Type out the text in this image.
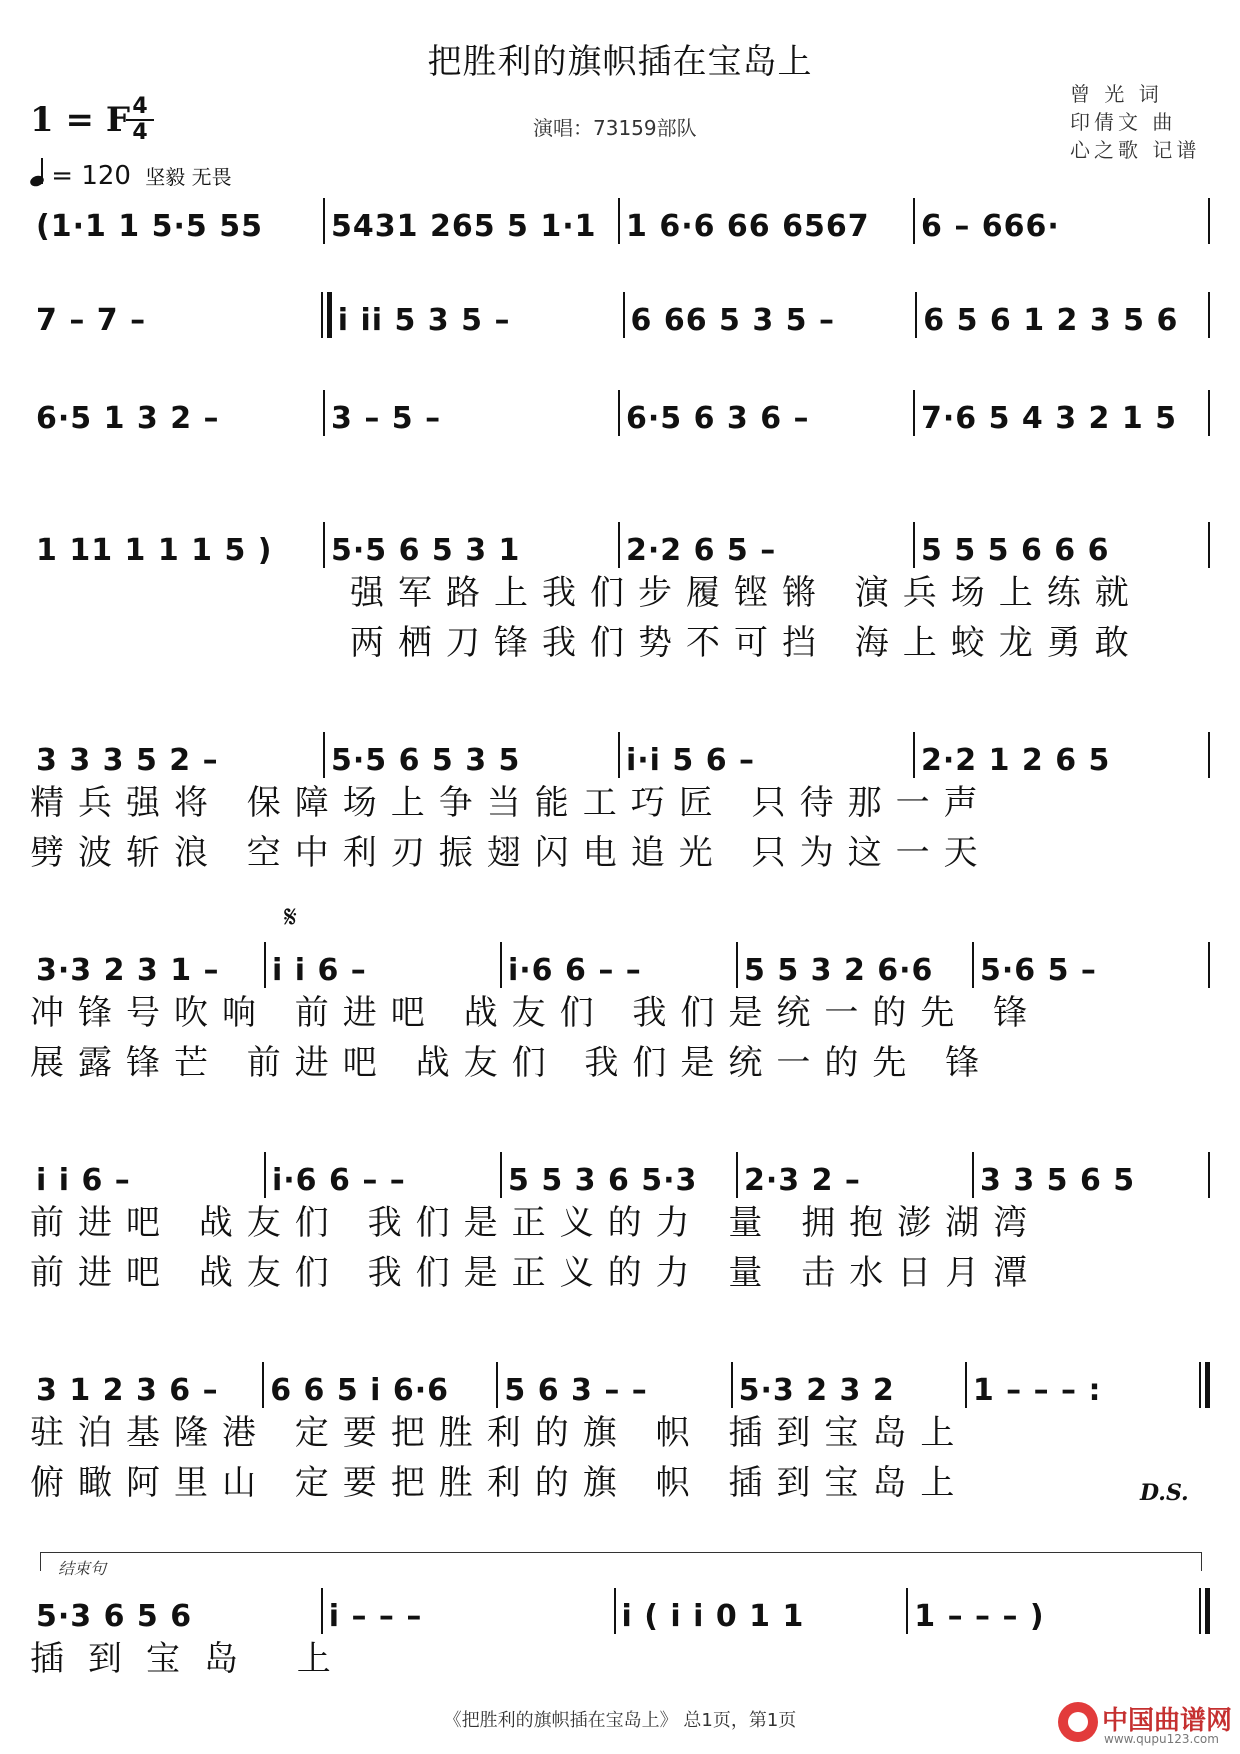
把胜利的旗帜插在宝岛上
1 = F 4
4
= 120 坚毅 无畏
演唱：73159部队
曾 光 词
印倩文 曲
心之歌 记谱
(1·1 1 5·5 55	5431 265 5 1·1 1 6·6 66 6567	6 – 666·
7 – 7 –	i ii 5 3 5 –	6 66 5 3 5 –	6 5 6 1 2 3 5 6
6·5 1 3 2 –	3 – 5 –	6·5 6 3 6 –	7·6 5 4 3 2 1 5
1 11 1 1 1 5 )	5·5 6 5 3 1	2·2 6 5 –	5 5 5 6 6 6
强军路上我们步履铿锵 演兵场上练就
两栖刀锋我们势不可挡 海上蛟龙勇敢
3 3 3 5 2 –	5·5 6 5 3 5	i·i 5 6 –	2·2 1 2 6 5
精兵强将 保障场上争当能工巧匠 只待那一声
劈波斩浪 空中利刃振翅闪电追光 只为这一天
𝄋
3·3 2 3 1 –	i i 6 –	i·6 6 – –	5 5 3 2 6·6	5·6 5 –
冲锋号吹响 前进吧 战友们 我们是统一的先 锋
展露锋芒 前进吧 战友们 我们是统一的先 锋
i i 6 –	i·6 6 – –	5 5 3 6 5·3	2·3 2 –	3 3 5 6 5
前进吧 战友们 我们是正义的力 量 拥抱澎湖湾
前进吧 战友们 我们是正义的力 量 击水日月潭
3 1 2 3 6 –	6 6 5 i 6·6	5 6 3 – –	5·3 2 3 2	1 – – – :
驻泊基隆港 定要把胜利的旗 帜 插到宝岛上
俯瞰阿里山 定要把胜利的旗 帜 插到宝岛上	D.S.
结束句
5·3 6 5 6	i – – –	i ( i i 0 1 1	1 – – – )
插到宝岛 上
《把胜利的旗帜插在宝岛上》 总1页，第1页	中国曲谱网
www.qupu123.com
